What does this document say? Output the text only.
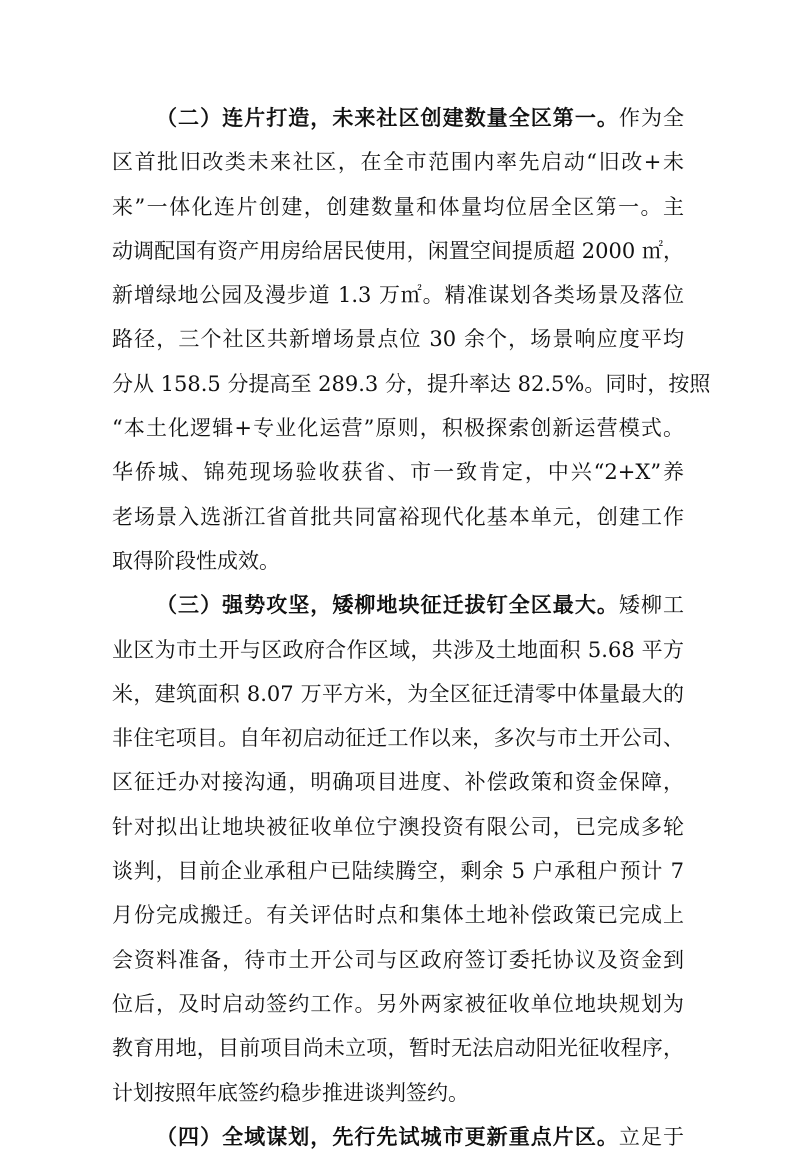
（二）连片打造，未来社区创建数量全区第一。作为全
区首批旧改类未来社区，在全市范围内率先启动“旧改+未
来”一体化连片创建，创建数量和体量均位居全区第一。主
动调配国有资产用房给居民使用，闲置空间提质超 2000 ㎡，
新增绿地公园及漫步道 1.3 万㎡。精准谋划各类场景及落位
路径，三个社区共新增场景点位 30 余个，场景响应度平均
分从 158.5 分提高至 289.3 分，提升率达 82.5%。同时，按照
“本土化逻辑+专业化运营”原则，积极探索创新运营模式。
华侨城、锦苑现场验收获省、市一致肯定，中兴“2+X”养
老场景入选浙江省首批共同富裕现代化基本单元，创建工作
取得阶段性成效。
（三）强势攻坚，矮柳地块征迁拔钉全区最大。矮柳工
业区为市土开与区政府合作区域，共涉及土地面积 5.68 平方
米，建筑面积 8.07 万平方米，为全区征迁清零中体量最大的
非住宅项目。自年初启动征迁工作以来，多次与市土开公司、
区征迁办对接沟通，明确项目进度、补偿政策和资金保障，
针对拟出让地块被征收单位宁澳投资有限公司，已完成多轮
谈判，目前企业承租户已陆续腾空，剩余 5 户承租户预计 7
月份完成搬迁。有关评估时点和集体土地补偿政策已完成上
会资料准备，待市土开公司与区政府签订委托协议及资金到
位后，及时启动签约工作。另外两家被征收单位地块规划为
教育用地，目前项目尚未立项，暂时无法启动阳光征收程序，
计划按照年底签约稳步推进谈判签约。
（四）全域谋划，先行先试城市更新重点片区。立足于
